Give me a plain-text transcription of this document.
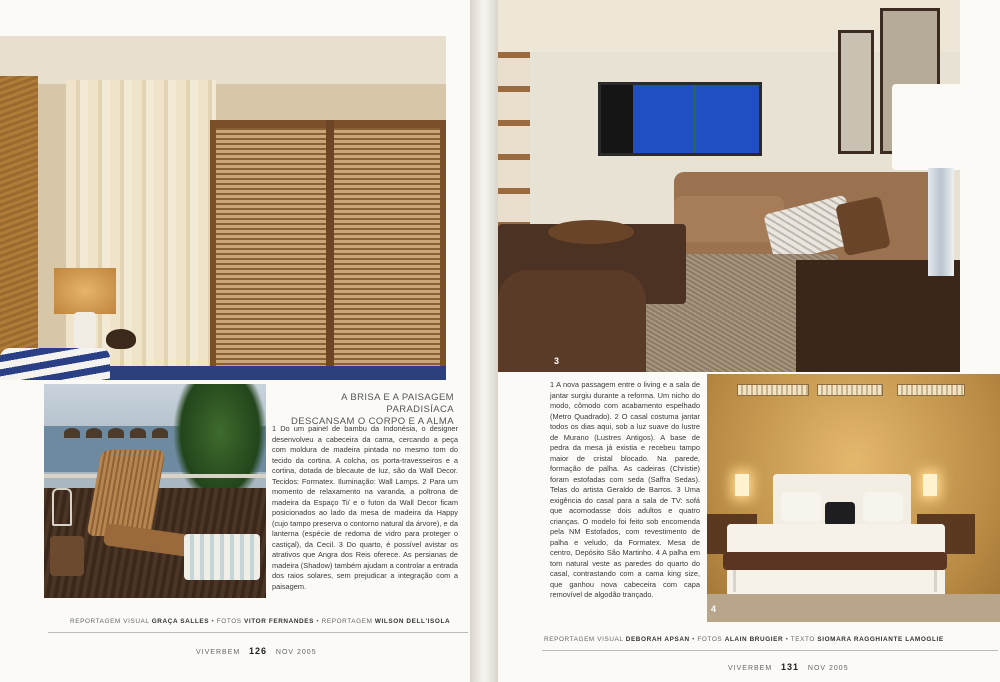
A BRISA E A PAISAGEM PARADISÍACA
DESCANSAM O CORPO E A ALMA

1 Do um painel de bambu da Indonésia, o designer desenvolveu a cabeceira da cama, cercando a peça com moldura de madeira pintada no mesmo tom do tecido da cortina. A colcha, os porta-travesseiros e a cortina, dotada de blecaute de luz, são da Wall Decor. Tecidos: Formatex. Iluminação: Wall Lamps. 2 Para um momento de relaxamento na varanda, a poltrona de madeira da Espaço Ti/ e o futon da Wall Decor ficam posicionados ao lado da mesa de madeira da Happy (cujo tampo preserva o contorno natural da árvore), e da lanterna (espécie de redoma de vidro para proteger o castiçal), da Cecil. 3 Do quarto, é possível avistar os atrativos que Angra dos Reis oferece. As persianas de madeira (Shadow) também ajudam a controlar a entrada dos raios solares, sem prejudicar a integração com a paisagem.

REPORTAGEM VISUAL GRAÇA SALLES • FOTOS VITOR FERNANDES • REPORTAGEM WILSON DELL'ISOLA
VIVERBEM 126 NOV 2005
3

1 A nova passagem entre o living e a sala de jantar surgiu durante a reforma. Um nicho do modo, cômodo com acabamento espelhado (Metro Quadrado). 2 O casal costuma jantar todos os dias aqui, sob a luz suave do lustre de Murano (Lustres Antigos). A base de pedra da mesa já existia e recebeu tampo maior de cristal blocado. Na parede, formação de palha. As cadeiras (Christie) foram estofadas com seda (Saffra Sedas). Telas do artista Geraldo de Barros. 3 Uma exigência do casal para a sala de TV: sofá que acomodasse dois adultos e quatro crianças. O modelo foi feito sob encomenda pela NM Estofados, com revestimento de palha e veludo, da Formatex. Mesa de centro, Depósito São Martinho. 4 A palha em tom natural veste as paredes do quarto do casal, contrastando com a cama king size, que ganhou nova cabeceira com capa removível de algodão trançado.

4
REPORTAGEM VISUAL DEBORAH APSAN • FOTOS ALAIN BRUGIER • TEXTO SIOMARA RAGGHIANTE LAMOGLIE
VIVERBEM 131 NOV 2005
